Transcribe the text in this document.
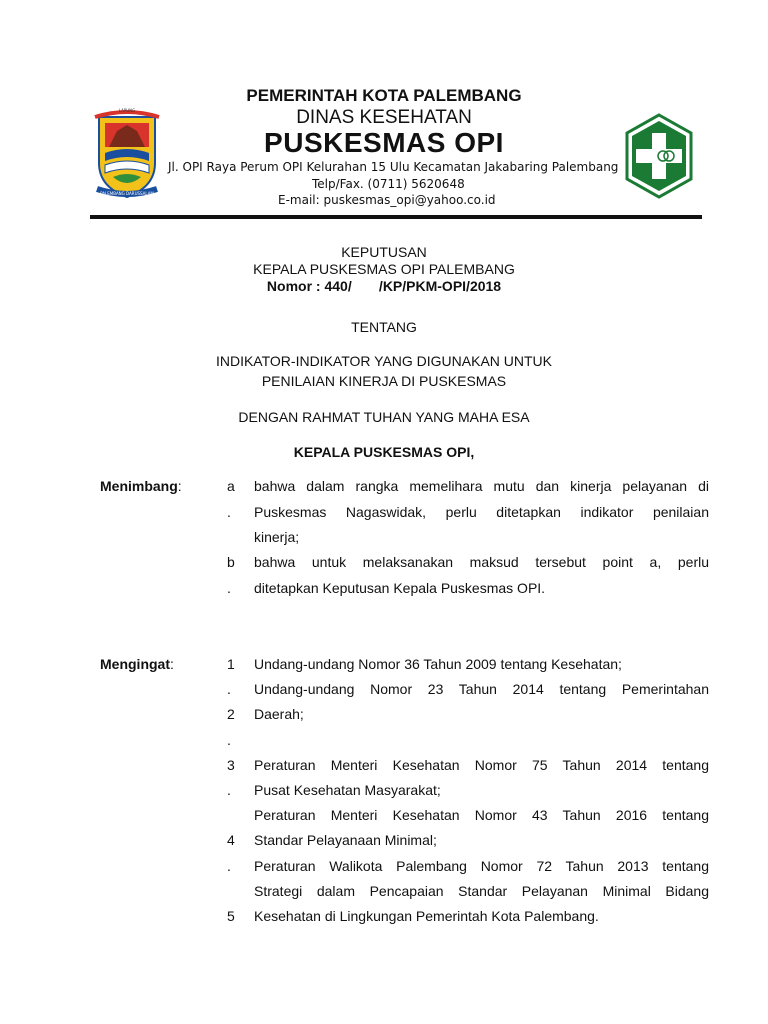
LAPUNG
PALEMBANG DARUSSALAM
PEMERINTAH KOTA PALEMBANG
DINAS KESEHATAN
PUSKESMAS OPI
Jl. OPI Raya Perum OPI Kelurahan 15 Ulu Kecamatan Jakabaring Palembang
Telp/Fax. (0711) 5620648
E-mail: puskesmas_opi@yahoo.co.id
KEPUTUSAN
KEPALA PUSKESMAS OPI PALEMBANG
Nomor : 440/       /KP/PKM-OPI/2018
TENTANG
INDIKATOR-INDIKATOR YANG DIGUNAKAN UNTUK
PENILAIAN KINERJA DI PUSKESMAS
DENGAN RAHMAT TUHAN YANG MAHA ESA
KEPALA PUSKESMAS OPI,
Menimbang:	a
.
b
.
bahwa dalam rangka memelihara mutu dan kinerja pelayanan di
Puskesmas Nagaswidak, perlu ditetapkan indikator penilaian
kinerja;
bahwa untuk melaksanakan maksud tersebut point a, perlu
ditetapkan Keputusan Kepala Puskesmas OPI.
Mengingat:	1
.
2
.
3
.
4
.
5
Undang-undang Nomor 36 Tahun 2009 tentang Kesehatan;
Undang-undang Nomor 23 Tahun 2014 tentang Pemerintahan
Daerah;
Peraturan Menteri Kesehatan Nomor 75 Tahun 2014 tentang
Pusat Kesehatan Masyarakat;
Peraturan Menteri Kesehatan Nomor 43 Tahun 2016 tentang
Standar Pelayanaan Minimal;
Peraturan Walikota Palembang Nomor 72 Tahun 2013 tentang
Strategi dalam Pencapaian Standar Pelayanan Minimal Bidang
Kesehatan di Lingkungan Pemerintah Kota Palembang.
